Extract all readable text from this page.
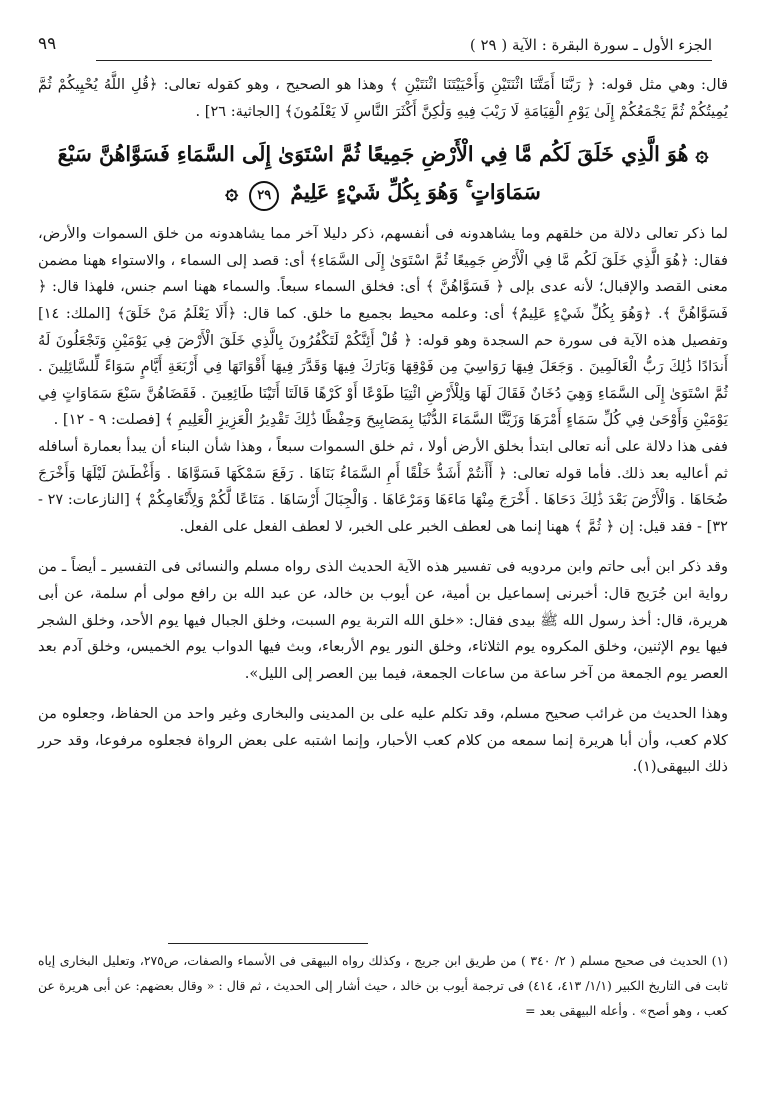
الجزء الأول ـ سورة البقرة : الآية ( ٢٩ )
٩٩

قال: وهي مثل قوله: ﴿ رَبَّنَا أَمَتَّنَا اثْنَتَيْنِ وَأَحْيَيْتَنَا اثْنَتَيْنِ ﴾ وهذا هو الصحيح ، وهو كقوله تعالى: ﴿قُلِ اللَّهُ يُحْيِيكُمْ ثُمَّ يُمِيتُكُمْ ثُمَّ يَجْمَعُكُمْ إِلَىٰ يَوْمِ الْقِيَامَةِ لَا رَيْبَ فِيهِ وَلَٰكِنَّ أَكْثَرَ النَّاسِ لَا يَعْلَمُونَ﴾ [الجاثية: ٢٦] .

۞ هُوَ الَّذِي خَلَقَ لَكُم مَّا فِي الْأَرْضِ جَمِيعًا ثُمَّ اسْتَوَىٰ إِلَى السَّمَاءِ فَسَوَّاهُنَّ سَبْعَ سَمَاوَاتٍ ۚ وَهُوَ بِكُلِّ شَيْءٍ عَلِيمٌ ٢٩ ۞

لما ذكر تعالى دلالة من خلقهم وما يشاهدونه فى أنفسهم، ذكر دليلا آخر مما يشاهدونه من خلق السموات والأرض، فقال: ﴿هُوَ الَّذِي خَلَقَ لَكُم مَّا فِي الْأَرْضِ جَمِيعًا ثُمَّ اسْتَوَىٰ إِلَى السَّمَاءِ﴾ أى: قصد إلى السماء ، والاستواء ههنا مضمن معنى القصد والإقبال؛ لأنه عدى بإلى ﴿ فَسَوَّاهُنَّ ﴾ أى: فخلق السماء سبعاً. والسماء ههنا اسم جنس، فلهذا قال: ﴿ فَسَوَّاهُنَّ ﴾. ﴿وَهُوَ بِكُلِّ شَيْءٍ عَلِيمٌ﴾ أى: وعلمه محيط بجميع ما خلق. كما قال: ﴿أَلَا يَعْلَمُ مَنْ خَلَقَ﴾ [الملك: ١٤] وتفصيل هذه الآية فى سورة حم السجدة وهو قوله: ﴿ قُلْ أَئِنَّكُمْ لَتَكْفُرُونَ بِالَّذِي خَلَقَ الْأَرْضَ فِي يَوْمَيْنِ وَتَجْعَلُونَ لَهُ أَندَادًا ذَٰلِكَ رَبُّ الْعَالَمِينَ . وَجَعَلَ فِيهَا رَوَاسِيَ مِن فَوْقِهَا وَبَارَكَ فِيهَا وَقَدَّرَ فِيهَا أَقْوَاتَهَا فِي أَرْبَعَةِ أَيَّامٍ سَوَاءً لِّلسَّائِلِينَ . ثُمَّ اسْتَوَىٰ إِلَى السَّمَاءِ وَهِيَ دُخَانٌ فَقَالَ لَهَا وَلِلْأَرْضِ ائْتِيَا طَوْعًا أَوْ كَرْهًا قَالَتَا أَتَيْنَا طَائِعِينَ . فَقَضَاهُنَّ سَبْعَ سَمَاوَاتٍ فِي يَوْمَيْنِ وَأَوْحَىٰ فِي كُلِّ سَمَاءٍ أَمْرَهَا وَزَيَّنَّا السَّمَاءَ الدُّنْيَا بِمَصَابِيحَ وَحِفْظًا ذَٰلِكَ تَقْدِيرُ الْعَزِيزِ الْعَلِيمِ ﴾ [فصلت: ٩ - ١٢] .

ففى هذا دلالة على أنه تعالى ابتدأ بخلق الأرض أولا ، ثم خلق السموات سبعاً ، وهذا شأن البناء أن يبدأ بعمارة أسافله ثم أعاليه بعد ذلك. فأما قوله تعالى: ﴿ أَأَنتُمْ أَشَدُّ خَلْقًا أَمِ السَّمَاءُ بَنَاهَا . رَفَعَ سَمْكَهَا فَسَوَّاهَا . وَأَغْطَشَ لَيْلَهَا وَأَخْرَجَ ضُحَاهَا . وَالْأَرْضَ بَعْدَ ذَٰلِكَ دَحَاهَا . أَخْرَجَ مِنْهَا مَاءَهَا وَمَرْعَاهَا . وَالْجِبَالَ أَرْسَاهَا . مَتَاعًا لَّكُمْ وَلِأَنْعَامِكُمْ ﴾ [النازعات: ٢٧ - ٣٢] - فقد قيل: إن ﴿ ثُمَّ ﴾ ههنا إنما هى لعطف الخبر على الخبر، لا لعطف الفعل على الفعل.

وقد ذكر ابن أبى حاتم وابن مردويه فى تفسير هذه الآية الحديث الذى رواه مسلم والنسائى فى التفسير ـ أيضاً ـ من رواية ابن جُرَيج قال: أخبرنى إسماعيل بن أمية، عن أيوب بن خالد، عن عبد الله بن رافع مولى أم سلمة، عن أبى هريرة، قال: أخذ رسول الله ﷺ بيدى فقال: «خلق الله التربة يوم السبت، وخلق الجبال فيها يوم الأحد، وخلق الشجر فيها يوم الإثنين، وخلق المكروه يوم الثلاثاء، وخلق النور يوم الأربعاء، وبث فيها الدواب يوم الخميس، وخلق آدم بعد العصر يوم الجمعة من آخر ساعة من ساعات الجمعة، فيما بين العصر إلى الليل».

وهذا الحديث من غرائب صحيح مسلم، وقد تكلم عليه على بن المدينى والبخارى وغير واحد من الحفاظ، وجعلوه من كلام كعب، وأن أبا هريرة إنما سمعه من كلام كعب الأحبار، وإنما اشتبه على بعض الرواة فجعلوه مرفوعا، وقد حرر ذلك البيهقى(١).

(١) الحديث فى صحيح مسلم ( ٢/ ٣٤٠ ) من طريق ابن جريج ، وكذلك رواه البيهقى فى الأسماء والصفات، ص٢٧٥، وتعليل البخارى إياه ثابت فى التاريخ الكبير (١/١/ ٤١٣، ٤١٤) فى ترجمة أيوب بن خالد ، حيث أشار إلى الحديث ، ثم قال : « وقال بعضهم: عن أبى هريرة عن كعب ، وهو أصح» . وأعله البيهقى بعد =
